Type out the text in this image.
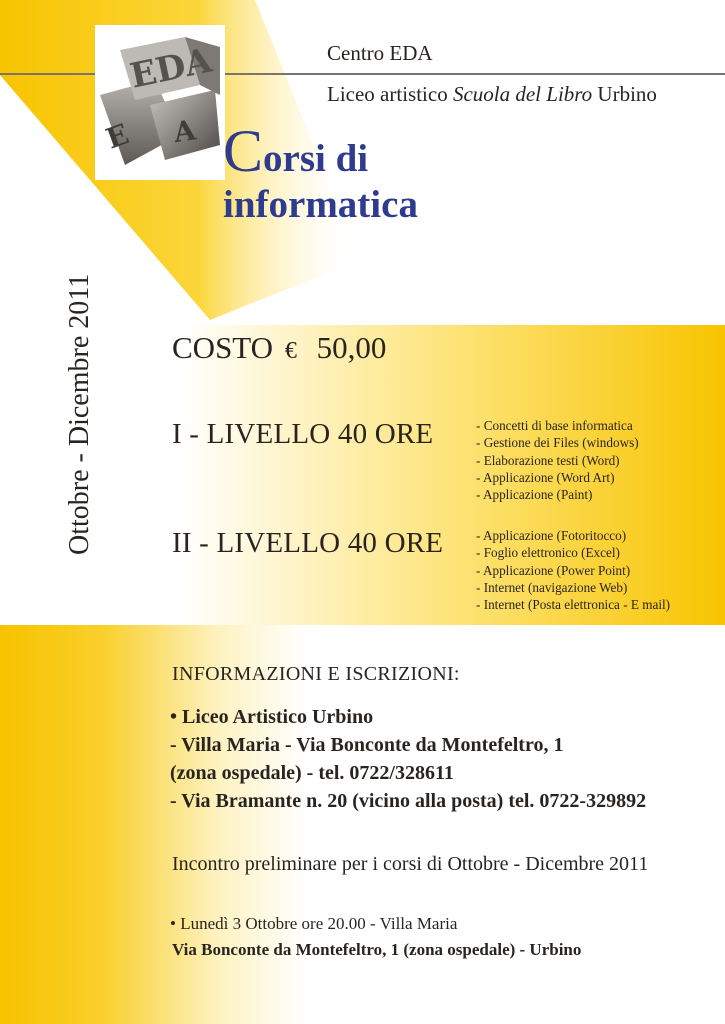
EDA
E A
Centro EDA
Liceo artistico Scuola del Libro Urbino
Corsi di
informatica
Ottobre - Dicembre 2011 COSTO € 50,00
I - LIVELLO 40 ORE	- Concetti di base informatica
- Gestione dei Files (windows)
- Elaborazione testi (Word)
- Applicazione (Word Art)
- Applicazione (Paint)
II - LIVELLO 40 ORE - Applicazione (Fotoritocco)
- Foglio elettronico (Excel)
- Applicazione (Power Point)
- Internet (navigazione Web)
- Internet (Posta elettronica - E mail)
INFORMAZIONI E ISCRIZIONI:
• Liceo Artistico Urbino
- Villa Maria - Via Bonconte da Montefeltro, 1
(zona ospedale) - tel. 0722/328611
- Via Bramante n. 20 (vicino alla posta) tel. 0722-329892
Incontro preliminare per i corsi di Ottobre - Dicembre 2011
• Lunedì 3 Ottobre ore 20.00 - Villa Maria
Via Bonconte da Montefeltro, 1 (zona ospedale) - Urbino
